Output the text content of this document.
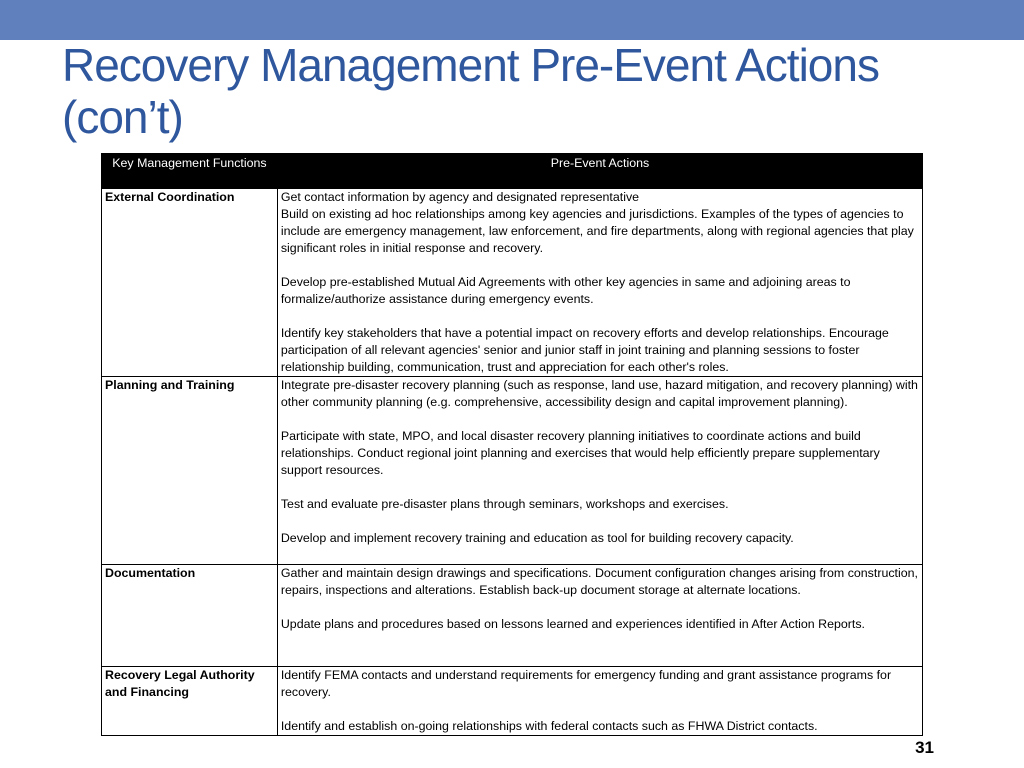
Recovery Management Pre-Event Actions
(con’t)
Key Management Functions	Pre-Event Actions
External Coordination	Get contact information by agency and designated representative
Build on existing ad hoc relationships among key agencies and jurisdictions. Examples of the types of agencies to include are emergency management, law enforcement, and fire departments, along with regional agencies that play significant roles in initial response and recovery.
Develop pre-established Mutual Aid Agreements with other key agencies in same and adjoining areas to formalize/authorize assistance during emergency events.
Identify key stakeholders that have a potential impact on recovery efforts and develop relationships. Encourage participation of all relevant agencies' senior and junior staff in joint training and planning sessions to foster relationship building, communication, trust and appreciation for each other's roles.

Planning and Training	Integrate pre-disaster recovery planning (such as response, land use, hazard mitigation, and recovery planning) with other community planning (e.g. comprehensive, accessibility design and capital improvement planning).
Participate with state, MPO, and local disaster recovery planning initiatives to coordinate actions and build relationships. Conduct regional joint planning and exercises that would help efficiently prepare supplementary support resources.
Test and evaluate pre-disaster plans through seminars, workshops and exercises.
Develop and implement recovery training and education as tool for building recovery capacity.

Documentation	Gather and maintain design drawings and specifications. Document configuration changes arising from construction, repairs, inspections and alterations. Establish back-up document storage at alternate locations.
Update plans and procedures based on lessons learned and experiences identified in After Action Reports.

Recovery Legal Authority and Financing	Identify FEMA contacts and understand requirements for emergency funding and grant assistance programs for recovery.
Identify and establish on-going relationships with federal contacts such as FHWA District contacts.
31
